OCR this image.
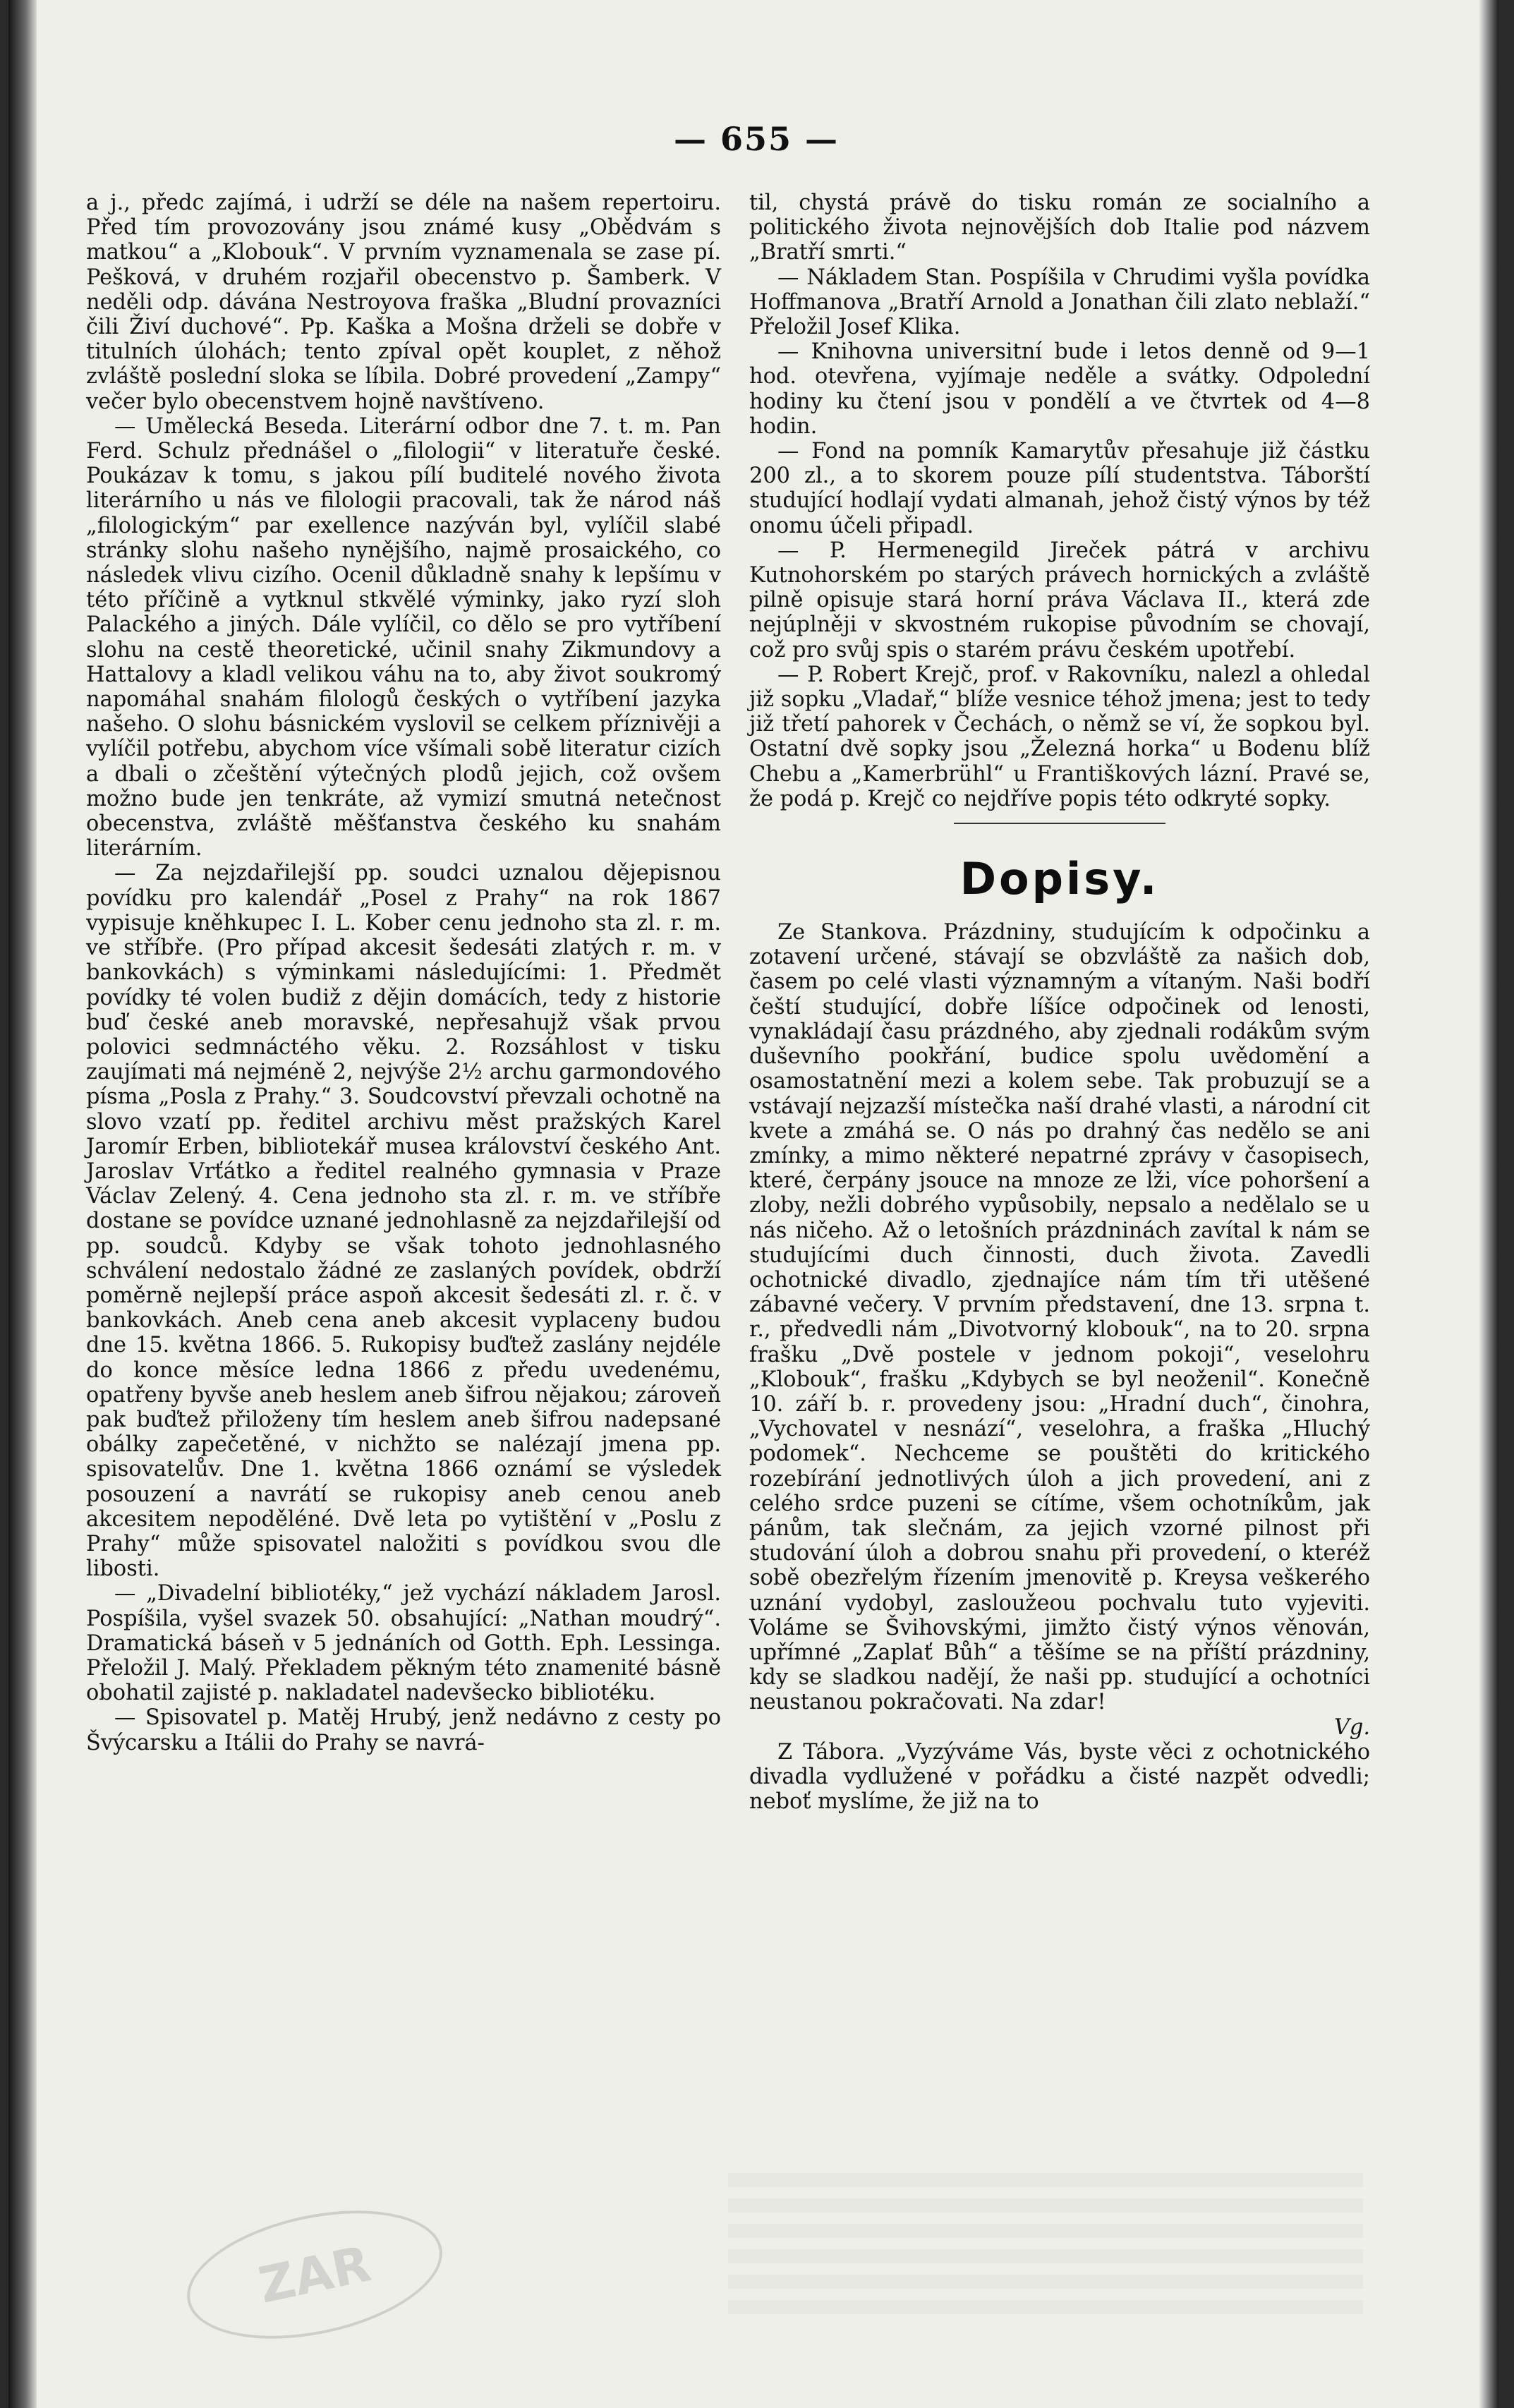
— 655 —

a j., předc zajímá, i udrží se déle na našem repertoiru. Před tím provozovány jsou známé kusy „Obědvám s matkou“ a „Klobouk“. V prvním vyznamenala se zase pí. Pešková, v druhém rozjařil obecenstvo p. Šamberk. V neděli odp. dávána Nestroyova fraška „Bludní provazníci čili Živí duchové“. Pp. Kaška a Mošna drželi se dobře v titulních úlohách; tento zpíval opět kouplet, z něhož zvláště poslední sloka se líbila. Dobré provedení „Zampy“ večer bylo obecenstvem hojně navštíveno.

— Umělecká Beseda. Literární odbor dne 7. t. m. Pan Ferd. Schulz přednášel o „filologii“ v literatuře české. Poukázav k tomu, s jakou pílí buditelé nového života literárního u nás ve filologii pracovali, tak že národ náš „filologickým“ par exellence nazýván byl, vylíčil slabé stránky slohu našeho nynějšího, najmě prosaického, co následek vlivu cizího. Ocenil důkladně snahy k lepšímu v této příčině a vytknul stkvělé výminky, jako ryzí sloh Palackého a jiných. Dále vylíčil, co dělo se pro vytříbení slohu na cestě theoretické, učinil snahy Zikmundovy a Hattalovy a kladl velikou váhu na to, aby život soukromý napomáhal snahám filologů českých o vytříbení jazyka našeho. O slohu básnickém vyslovil se celkem příznivěji a vylíčil potřebu, abychom více všímali sobě literatur cizích a dbali o zčeštění výtečných plodů jejich, což ovšem možno bude jen tenkráte, až vymizí smutná netečnost obecenstva, zvláště měšťanstva českého ku snahám literárním.

— Za nejzdařilejší pp. soudci uznalou dějepisnou povídku pro kalendář „Posel z Prahy“ na rok 1867 vypisuje kněhkupec I. L. Kober cenu jednoho sta zl. r. m. ve stříbře. (Pro případ akcesit šedesáti zlatých r. m. v bankovkách) s výminkami následujícími: 1. Předmět povídky té volen budiž z dějin domácích, tedy z historie buď české aneb moravské, nepřesahujž však prvou polovici sedmnáctého věku. 2. Rozsáhlost v tisku zaujímati má nejméně 2, nejvýše 2½ archu garmondového písma „Posla z Prahy.“ 3. Soudcovství převzali ochotně na slovo vzatí pp. ředitel archivu měst pražských Karel Jaromír Erben, bibliotekář musea království českého Ant. Jaroslav Vrťátko a ředitel realného gymnasia v Praze Václav Zelený. 4. Cena jednoho sta zl. r. m. ve stříbře dostane se povídce uznané jednohlasně za nejzdařilejší od pp. soudců. Kdyby se však tohoto jednohlasného schválení nedostalo žádné ze zaslaných povídek, obdrží poměrně nejlepší práce aspoň akcesit šedesáti zl. r. č. v bankovkách. Aneb cena aneb akcesit vyplaceny budou dne 15. května 1866. 5. Rukopisy buďtež zaslány nejdéle do konce měsíce ledna 1866 z předu uvedenému, opatřeny byvše aneb heslem aneb šifrou nějakou; zároveň pak buďtež přiloženy tím heslem aneb šifrou nadepsané obálky zapečetěné, v nichžto se nalézají jmena pp. spisovatelův. Dne 1. května 1866 oznámí se výsledek posouzení a navrátí se rukopisy aneb cenou aneb akcesitem nepoděléné. Dvě leta po vytištění v „Poslu z Prahy“ může spisovatel naložiti s povídkou svou dle libosti.

— „Divadelní bibliotéky,“ jež vychází nákladem Jarosl. Pospíšila, vyšel svazek 50. obsahující: „Nathan moudrý“. Dramatická báseň v 5 jednáních od Gotth. Eph. Lessinga. Přeložil J. Malý. Překladem pěkným této znamenité básně obohatil zajisté p. nakladatel nadevšecko bibliotéku.

— Spisovatel p. Matěj Hrubý, jenž nedávno z cesty po Švýcarsku a Itálii do Prahy se navrá-

til, chystá právě do tisku román ze socialního a politického života nejnovějších dob Italie pod názvem „Bratří smrti.“

— Nákladem Stan. Pospíšila v Chrudimi vyšla povídka Hoffmanova „Bratří Arnold a Jonathan čili zlato neblaží.“ Přeložil Josef Klika.

— Knihovna universitní bude i letos denně od 9—1 hod. otevřena, vyjímaje neděle a svátky. Odpolední hodiny ku čtení jsou v pondělí a ve čtvrtek od 4—8 hodin.

— Fond na pomník Kamarytův přesahuje již částku 200 zl., a to skorem pouze pílí studentstva. Táborští studující hodlají vydati almanah, jehož čistý výnos by též onomu účeli připadl.

— P. Hermenegild Jireček pátrá v archivu Kutnohorském po starých právech hornických a zvláště pilně opisuje stará horní práva Václava II., která zde nejúplněji v skvostném rukopise původním se chovají, což pro svůj spis o starém právu českém upotřebí.

— P. Robert Krejč, prof. v Rakovníku, nalezl a ohledal již sopku „Vladař,“ blíže vesnice téhož jmena; jest to tedy již třetí pahorek v Čechách, o němž se ví, že sopkou byl. Ostatní dvě sopky jsou „Železná horka“ u Bodenu blíž Chebu a „Kamerbrühl“ u Františkových lázní. Pravé se, že podá p. Krejč co nejdříve popis této odkryté sopky.

Dopisy.

Ze Stankova. Prázdniny, studujícím k odpočinku a zotavení určené, stávají se obzvláště za našich dob, časem po celé vlasti významným a vítaným. Naši bodří čeští studující, dobře líšíce odpočinek od lenosti, vynakládají času prázdného, aby zjednali rodákům svým duševního pookřání, budice spolu uvědomění a osamostatnění mezi a kolem sebe. Tak probuzují se a vstávají nejzazší místečka naší drahé vlasti, a národní cit kvete a zmáhá se. O nás po drahný čas nedělo se ani zmínky, a mimo některé nepatrné zprávy v časopisech, které, čerpány jsouce na mnoze ze lži, více pohoršení a zloby, nežli dobrého vypůsobily, nepsalo a nedělalo se u nás ničeho. Až o letošních prázdninách zavítal k nám se studujícími duch činnosti, duch života. Zavedli ochotnické divadlo, zjednajíce nám tím tři utěšené zábavné večery. V prvním představení, dne 13. srpna t. r., předvedli nám „Divotvorný klobouk“, na to 20. srpna frašku „Dvě postele v jednom pokoji“, veselohru „Klobouk“, frašku „Kdybych se byl neoženil“. Konečně 10. září b. r. provedeny jsou: „Hradní duch“, činohra, „Vychovatel v nesnází“, veselohra, a fraška „Hluchý podomek“. Nechceme se pouštěti do kritického rozebírání jednotlivých úloh a jich provedení, ani z celého srdce puzeni se cítíme, všem ochotníkům, jak pánům, tak slečnám, za jejich vzorné pilnost při studování úloh a dobrou snahu při provedení, o kteréž sobě obezřelým řízením jmenovitě p. Kreysa veškerého uznání vydobyl, zasloužeou pochvalu tuto vyjeviti. Voláme se Švihovskými, jimžto čistý výnos věnován, upřímné „Zaplať Bůh“ a těšíme se na příští prázdniny, kdy se sladkou nadějí, že naši pp. studující a ochotníci neustanou pokračovati. Na zdar!

Vg.

Z Tábora. „Vyzýváme Vás, byste věci z ochotnického divadla vydlužené v pořádku a čisté nazpět odvedli; neboť myslíme, že již na to

ZAR
